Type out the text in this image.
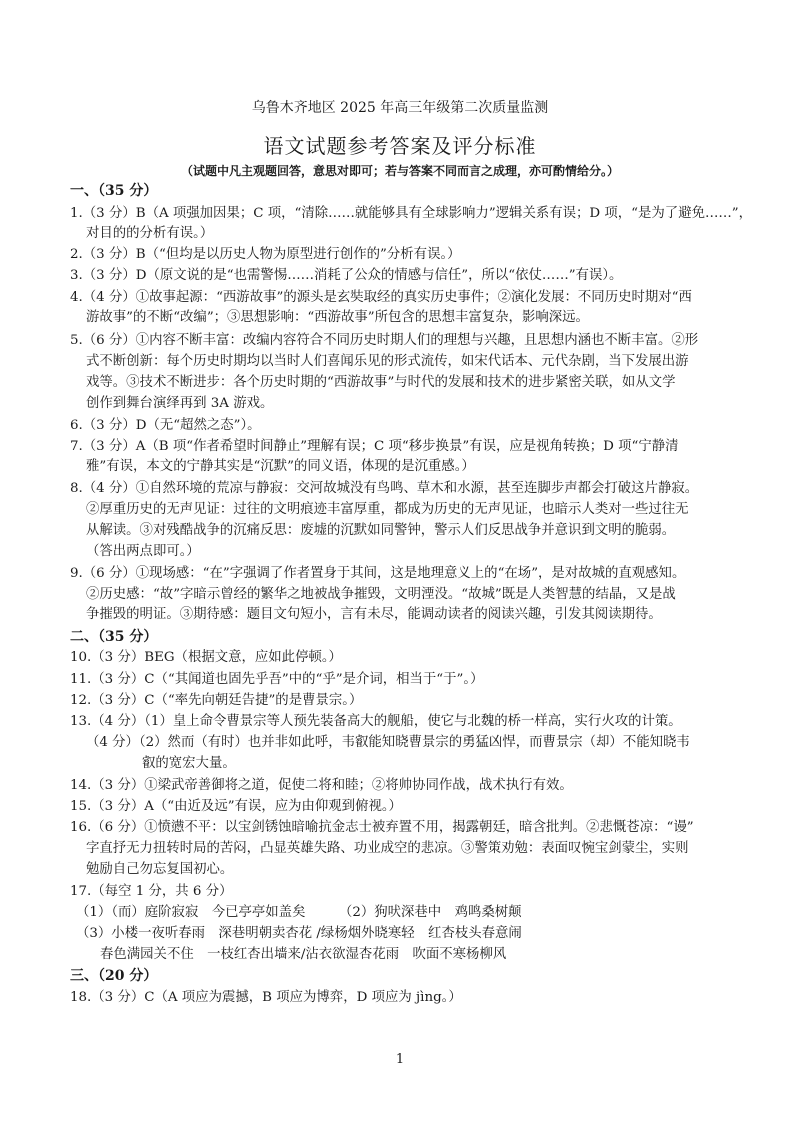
乌鲁木齐地区 2025 年高三年级第二次质量监测
语文试题参考答案及评分标准
（试题中凡主观题回答，意思对即可；若与答案不同而言之成理，亦可酌情给分。）
一、（35 分）
1.（3 分）B（A 项强加因果；C 项，“清除……就能够具有全球影响力”逻辑关系有误；D 项，“是为了避免……”，
对目的的分析有误。）
2.（3 分）B（“但均是以历史人物为原型进行创作的”分析有误。）
3.（3 分）D（原文说的是“也需警惕……消耗了公众的情感与信任”，所以“依仗……”有误）。
4.（4 分）①故事起源：“西游故事”的源头是玄奘取经的真实历史事件；②演化发展：不同历史时期对“西
游故事”的不断“改编”；③思想影响：“西游故事”所包含的思想丰富复杂，影响深远。
5.（6 分）①内容不断丰富：改编内容符合不同历史时期人们的理想与兴趣，且思想内涵也不断丰富。②形
式不断创新：每个历史时期均以当时人们喜闻乐见的形式流传，如宋代话本、元代杂剧，当下发展出游
戏等。③技术不断进步：各个历史时期的“西游故事”与时代的发展和技术的进步紧密关联，如从文学
创作到舞台演绎再到 3A 游戏。
6.（3 分）D（无“超然之态”）。
7.（3 分）A（B 项“作者希望时间静止”理解有误；C 项“移步换景”有误，应是视角转换；D 项“宁静清
雅”有误，本文的宁静其实是“沉默”的同义语，体现的是沉重感。）
8.（4 分）①自然环境的荒凉与静寂：交河故城没有鸟鸣、草木和水源，甚至连脚步声都会打破这片静寂。
②厚重历史的无声见证：过往的文明痕迹丰富厚重，都成为历史的无声见证，也暗示人类对一些过往无
从解读。③对残酷战争的沉痛反思：废墟的沉默如同警钟，警示人们反思战争并意识到文明的脆弱。
（答出两点即可。）
9.（6 分）①现场感：“在”字强调了作者置身于其间，这是地理意义上的“在场”，是对故城的直观感知。
②历史感：“故”字暗示曾经的繁华之地被战争摧毁，文明湮没。“故城”既是人类智慧的结晶，又是战
争摧毁的明证。③期待感：题目文句短小，言有未尽，能调动读者的阅读兴趣，引发其阅读期待。
二、（35 分）
10.（3 分）BEG（根据文意，应如此停顿。）
11.（3 分）C（“其闻道也固先乎吾”中的“乎”是介词，相当于“于”。）
12.（3 分）C（“率先向朝廷告捷”的是曹景宗。）
13.（4 分）（1）皇上命令曹景宗等人预先装备高大的舰船，使它与北魏的桥一样高，实行火攻的计策。
（4 分）（2）然而（有时）也并非如此呼，韦叡能知晓曹景宗的勇猛凶悍，而曹景宗（却）不能知晓韦
叡的宽宏大量。
14.（3 分）①梁武帝善御将之道，促使二将和睦；②将帅协同作战，战术执行有效。
15.（3 分）A（“由近及远”有误，应为由仰观到俯视。）
16.（6 分）①愤懑不平：以宝剑锈蚀暗喻抗金志士被弃置不用，揭露朝廷，暗含批判。②悲慨苍凉：“谩”
字直抒无力扭转时局的苦闷，凸显英雄失路、功业成空的悲凉。③警策劝勉：表面叹惋宝剑蒙尘，实则
勉励自己勿忘复国初心。
17.（每空 1 分，共 6 分）
（1）（而）庭阶寂寂　今已亭亭如盖矣　　　（2）狗吠深巷中　鸡鸣桑树颠
（3）小楼一夜听春雨　深巷明朝卖杏花 /绿杨烟外晓寒轻　红杏枝头春意闹
春色满园关不住　一枝红杏出墙来/沾衣欲湿杏花雨　吹面不寒杨柳风
三、（20 分）
18.（3 分）C（A 项应为震撼，B 项应为博弈，D 项应为 jìng。）
1
